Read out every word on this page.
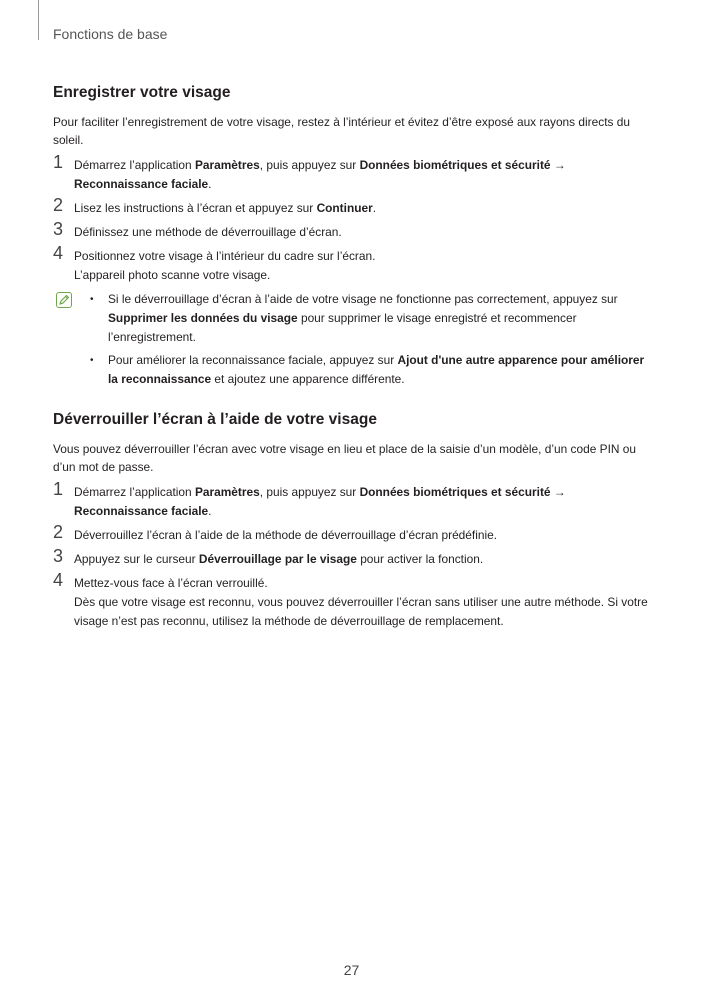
Fonctions de base
Enregistrer votre visage

Pour faciliter l’enregistrement de votre visage, restez à l’intérieur et évitez d’être exposé aux rayons directs du soleil.

1 Démarrez l’application Paramètres, puis appuyez sur Données biométriques et sécurité → Reconnaissance faciale.
2 Lisez les instructions à l’écran et appuyez sur Continuer.
3 Définissez une méthode de déverrouillage d’écran.
4 Positionnez votre visage à l’intérieur du cadre sur l’écran.
L’appareil photo scanne votre visage.
• Si le déverrouillage d’écran à l’aide de votre visage ne fonctionne pas correctement, appuyez sur Supprimer les données du visage pour supprimer le visage enregistré et recommencer l’enregistrement.
• Pour améliorer la reconnaissance faciale, appuyez sur Ajout d'une autre apparence pour améliorer la reconnaissance et ajoutez une apparence différente.
Déverrouiller l’écran à l’aide de votre visage

Vous pouvez déverrouiller l’écran avec votre visage en lieu et place de la saisie d’un modèle, d’un code PIN ou d’un mot de passe.

1 Démarrez l’application Paramètres, puis appuyez sur Données biométriques et sécurité → Reconnaissance faciale.
2 Déverrouillez l’écran à l’aide de la méthode de déverrouillage d’écran prédéfinie.
3 Appuyez sur le curseur Déverrouillage par le visage pour activer la fonction.
4 Mettez-vous face à l’écran verrouillé.
Dès que votre visage est reconnu, vous pouvez déverrouiller l’écran sans utiliser une autre méthode. Si votre visage n’est pas reconnu, utilisez la méthode de déverrouillage de remplacement.
27
